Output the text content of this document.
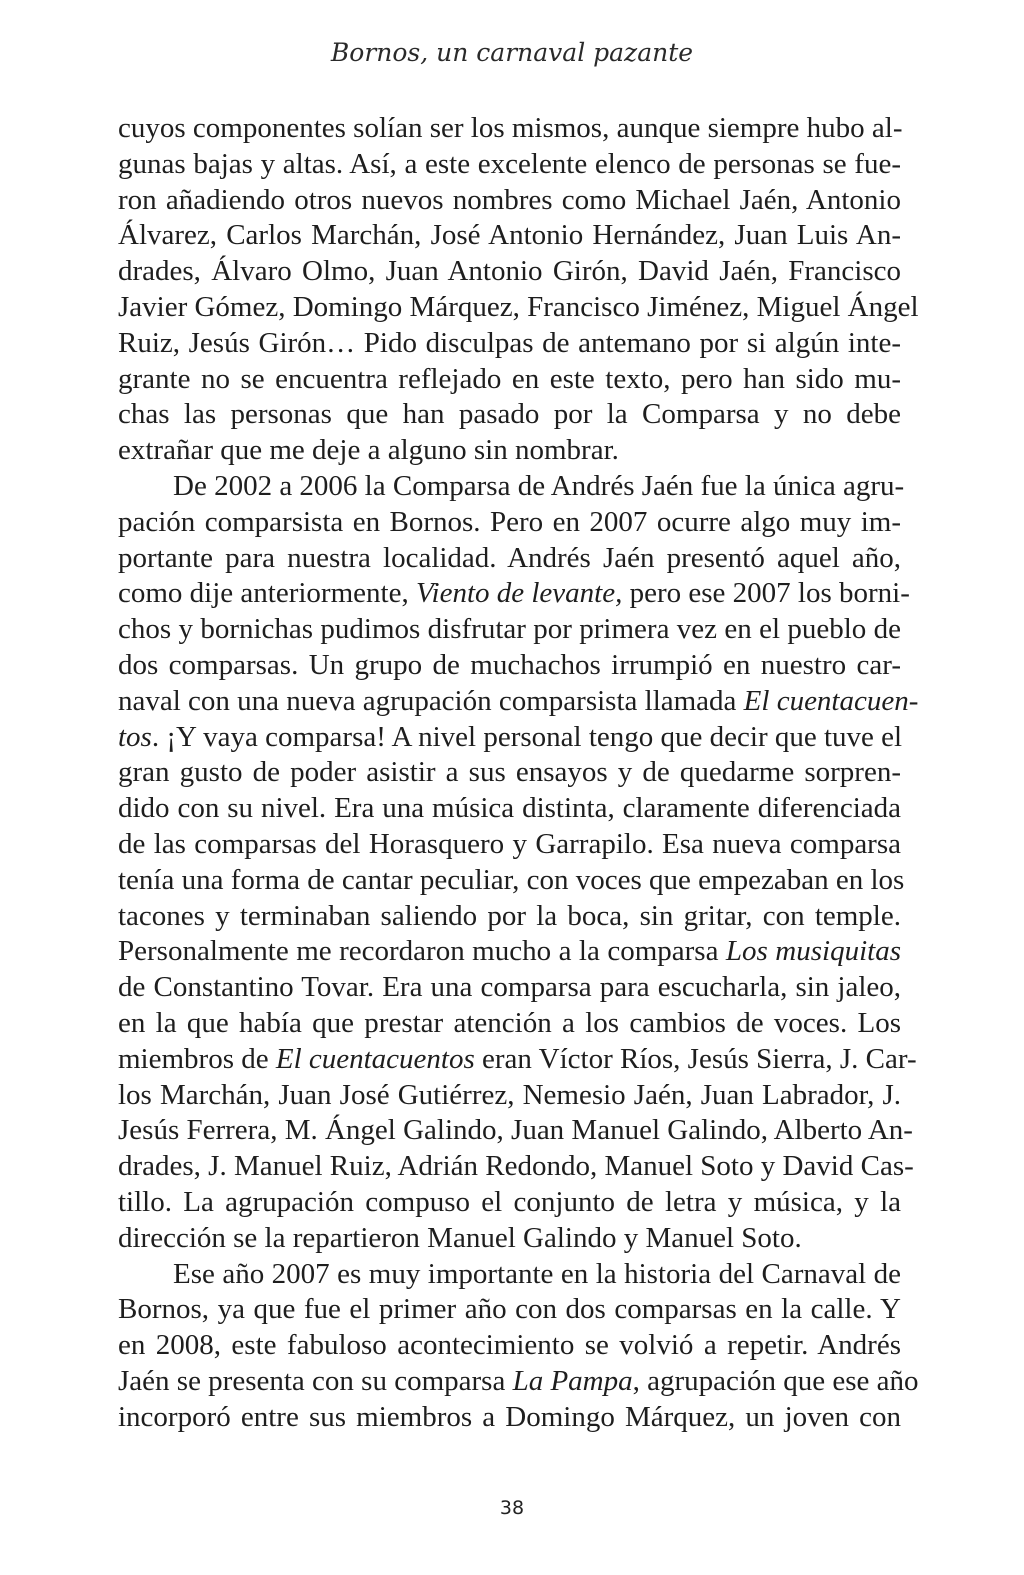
Bornos, un carnaval pazante
cuyos componentes solían ser los mismos, aunque siempre hubo al-
gunas bajas y altas. Así, a este excelente elenco de personas se fue-
ron añadiendo otros nuevos nombres como Michael Jaén, Antonio
Álvarez, Carlos Marchán, José Antonio Hernández, Juan Luis An-
drades, Álvaro Olmo, Juan Antonio Girón, David Jaén, Francisco
Javier Gómez, Domingo Márquez, Francisco Jiménez, Miguel Ángel
Ruiz, Jesús Girón… Pido disculpas de antemano por si algún inte-
grante no se encuentra reflejado en este texto, pero han sido mu-
chas las personas que han pasado por la Comparsa y no debe
extrañar que me deje a alguno sin nombrar.
De 2002 a 2006 la Comparsa de Andrés Jaén fue la única agru-
pación comparsista en Bornos. Pero en 2007 ocurre algo muy im-
portante para nuestra localidad. Andrés Jaén presentó aquel año,
como dije anteriormente, Viento de levante, pero ese 2007 los borni-
chos y bornichas pudimos disfrutar por primera vez en el pueblo de
dos comparsas. Un grupo de muchachos irrumpió en nuestro car-
naval con una nueva agrupación comparsista llamada El cuentacuen-
tos. ¡Y vaya comparsa! A nivel personal tengo que decir que tuve el
gran gusto de poder asistir a sus ensayos y de quedarme sorpren-
dido con su nivel. Era una música distinta, claramente diferenciada
de las comparsas del Horasquero y Garrapilo. Esa nueva comparsa
tenía una forma de cantar peculiar, con voces que empezaban en los
tacones y terminaban saliendo por la boca, sin gritar, con temple.
Personalmente me recordaron mucho a la comparsa Los musiquitas
de Constantino Tovar. Era una comparsa para escucharla, sin jaleo,
en la que había que prestar atención a los cambios de voces. Los
miembros de El cuentacuentos eran Víctor Ríos, Jesús Sierra, J. Car-
los Marchán, Juan José Gutiérrez, Nemesio Jaén, Juan Labrador, J.
Jesús Ferrera, M. Ángel Galindo, Juan Manuel Galindo, Alberto An-
drades, J. Manuel Ruiz, Adrián Redondo, Manuel Soto y David Cas-
tillo. La agrupación compuso el conjunto de letra y música, y la
dirección se la repartieron Manuel Galindo y Manuel Soto.
Ese año 2007 es muy importante en la historia del Carnaval de
Bornos, ya que fue el primer año con dos comparsas en la calle. Y
en 2008, este fabuloso acontecimiento se volvió a repetir. Andrés
Jaén se presenta con su comparsa La Pampa, agrupación que ese año
incorporó entre sus miembros a Domingo Márquez, un joven con
38
